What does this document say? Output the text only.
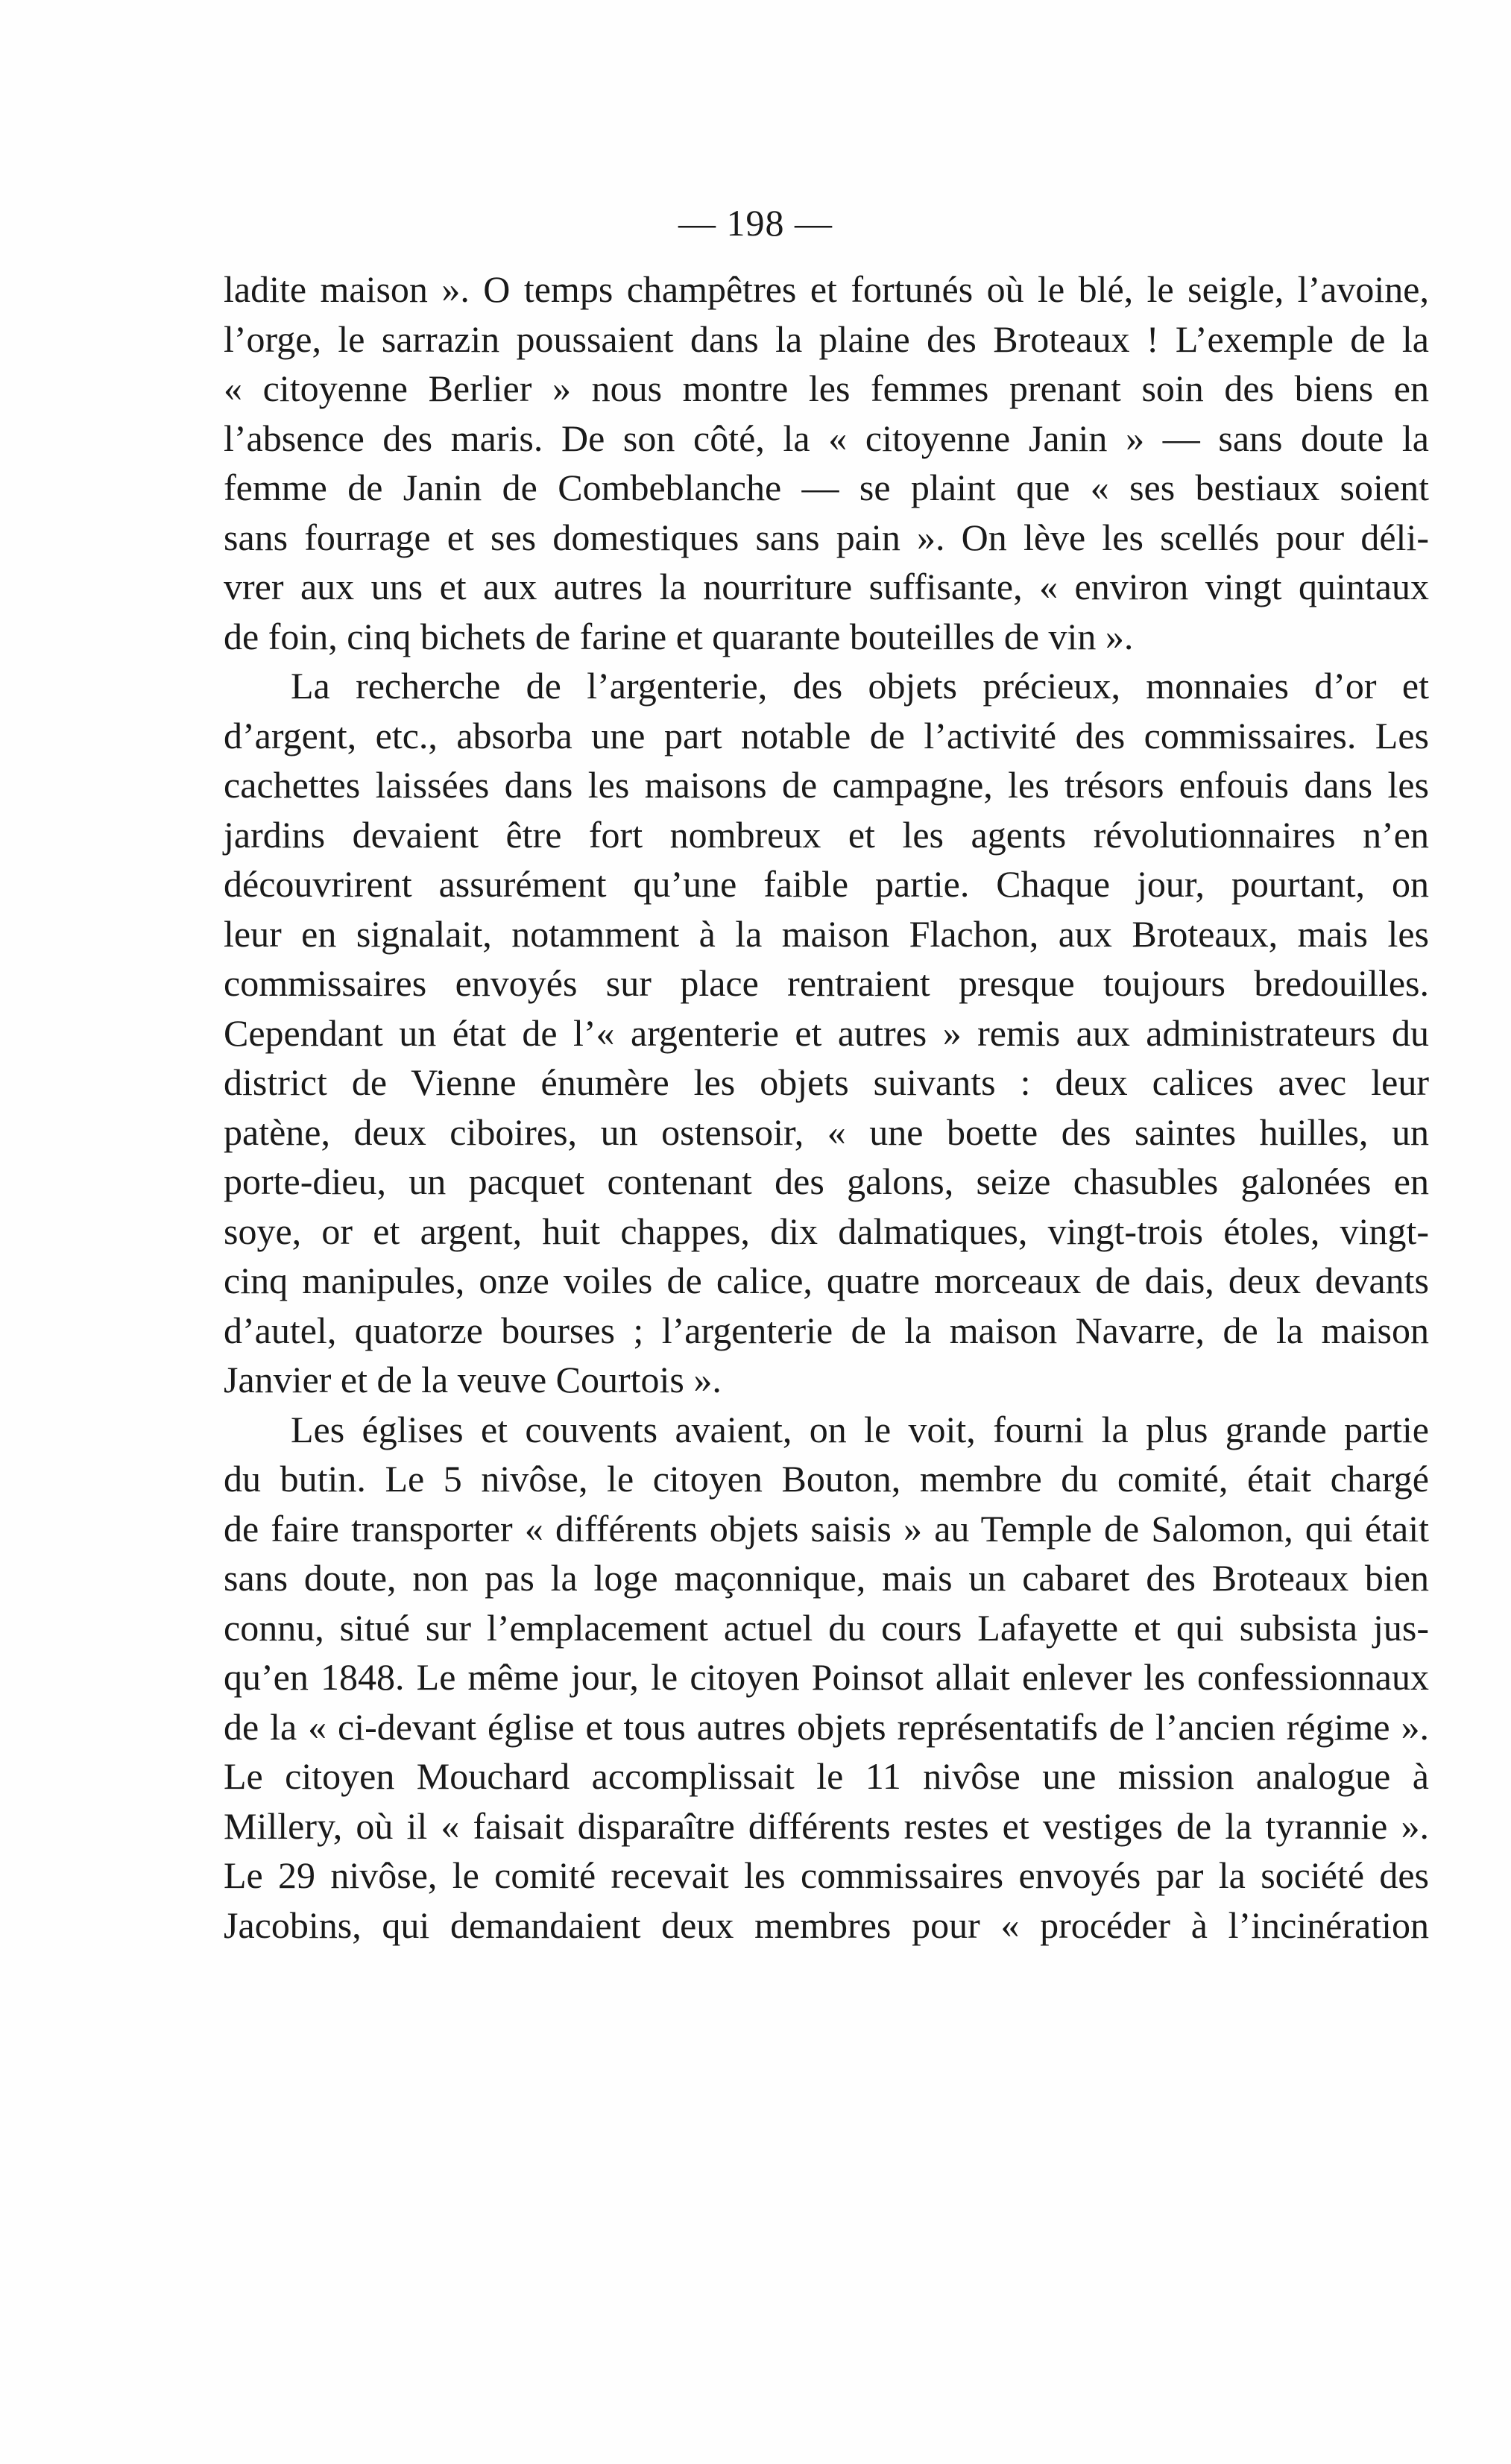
— 198 —
ladite maison ». O temps champêtres et fortunés où le blé, le seigle, l’avoine,
l’orge, le sarrazin poussaient dans la plaine des Broteaux ! L’exemple de la
« citoyenne Berlier » nous montre les femmes prenant soin des biens en
l’absence des maris. De son côté, la « citoyenne Janin » — sans doute la
femme de Janin de Combeblanche — se plaint que « ses bestiaux soient
sans fourrage et ses domestiques sans pain ». On lève les scellés pour déli-
vrer aux uns et aux autres la nourriture suffisante, « environ vingt quintaux
de foin, cinq bichets de farine et quarante bouteilles de vin ».
La recherche de l’argenterie, des objets précieux, monnaies d’or et
d’argent, etc., absorba une part notable de l’activité des commissaires. Les
cachettes laissées dans les maisons de campagne, les trésors enfouis dans les
jardins devaient être fort nombreux et les agents révolutionnaires n’en
découvrirent assurément qu’une faible partie. Chaque jour, pourtant, on
leur en signalait, notamment à la maison Flachon, aux Broteaux, mais les
commissaires envoyés sur place rentraient presque toujours bredouilles.
Cependant un état de l’« argenterie et autres » remis aux administrateurs du
district de Vienne énumère les objets suivants : deux calices avec leur
patène, deux ciboires, un ostensoir, « une boette des saintes huilles, un
porte-dieu, un pacquet contenant des galons, seize chasubles galonées en
soye, or et argent, huit chappes, dix dalmatiques, vingt-trois étoles, vingt-
cinq manipules, onze voiles de calice, quatre morceaux de dais, deux devants
d’autel, quatorze bourses ; l’argenterie de la maison Navarre, de la maison
Janvier et de la veuve Courtois ».
Les églises et couvents avaient, on le voit, fourni la plus grande partie
du butin. Le 5 nivôse, le citoyen Bouton, membre du comité, était chargé
de faire transporter « différents objets saisis » au Temple de Salomon, qui était
sans doute, non pas la loge maçonnique, mais un cabaret des Broteaux bien
connu, situé sur l’emplacement actuel du cours Lafayette et qui subsista jus-
qu’en 1848. Le même jour, le citoyen Poinsot allait enlever les confessionnaux
de la « ci-devant église et tous autres objets représentatifs de l’ancien régime ».
Le citoyen Mouchard accomplissait le 11 nivôse une mission analogue à
Millery, où il « faisait disparaître différents restes et vestiges de la tyrannie ».
Le 29 nivôse, le comité recevait les commissaires envoyés par la société des
Jacobins, qui demandaient deux membres pour « procéder à l’incinération
